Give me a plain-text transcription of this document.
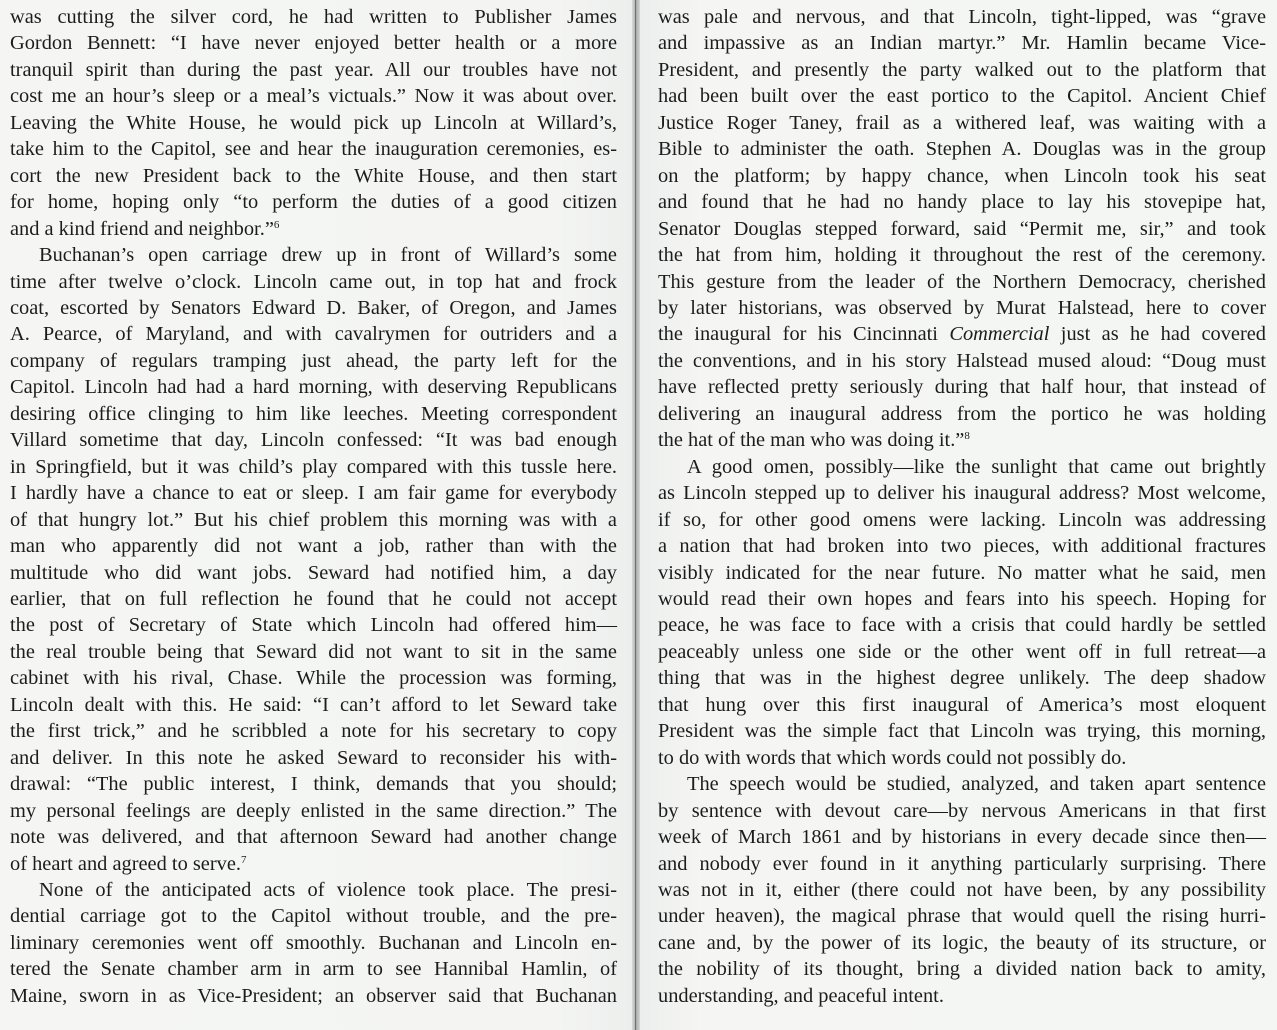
was cutting the silver cord, he had written to Publisher James
Gordon Bennett: “I have never enjoyed better health or a more
tranquil spirit than during the past year. All our troubles have not
cost me an hour’s sleep or a meal’s victuals.” Now it was about over.
Leaving the White House, he would pick up Lincoln at Willard’s,
take him to the Capitol, see and hear the inauguration ceremonies, es-
cort the new President back to the White House, and then start
for home, hoping only “to perform the duties of a good citizen
and a kind friend and neighbor.”$^6$
Buchanan’s open carriage drew up in front of Willard’s some
time after twelve o’clock. Lincoln came out, in top hat and frock
coat, escorted by Senators Edward D. Baker, of Oregon, and James
A. Pearce, of Maryland, and with cavalrymen for outriders and a
company of regulars tramping just ahead, the party left for the
Capitol. Lincoln had had a hard morning, with deserving Republicans
desiring office clinging to him like leeches. Meeting correspondent
Villard sometime that day, Lincoln confessed: “It was bad enough
in Springfield, but it was child’s play compared with this tussle here.
I hardly have a chance to eat or sleep. I am fair game for everybody
of that hungry lot.” But his chief problem this morning was with a
man who apparently did not want a job, rather than with the
multitude who did want jobs. Seward had notified him, a day
earlier, that on full reflection he found that he could not accept
the post of Secretary of State which Lincoln had offered him—
the real trouble being that Seward did not want to sit in the same
cabinet with his rival, Chase. While the procession was forming,
Lincoln dealt with this. He said: “I can’t afford to let Seward take
the first trick,” and he scribbled a note for his secretary to copy
and deliver. In this note he asked Seward to reconsider his with-
drawal: “The public interest, I think, demands that you should;
my personal feelings are deeply enlisted in the same direction.” The
note was delivered, and that afternoon Seward had another change
of heart and agreed to serve.$^7$
None of the anticipated acts of violence took place. The presi-
dential carriage got to the Capitol without trouble, and the pre-
liminary ceremonies went off smoothly. Buchanan and Lincoln en-
tered the Senate chamber arm in arm to see Hannibal Hamlin, of
Maine, sworn in as Vice-President; an observer said that Buchanan
was pale and nervous, and that Lincoln, tight-lipped, was “grave
and impassive as an Indian martyr.” Mr. Hamlin became Vice-
President, and presently the party walked out to the platform that
had been built over the east portico to the Capitol. Ancient Chief
Justice Roger Taney, frail as a withered leaf, was waiting with a
Bible to administer the oath. Stephen A. Douglas was in the group
on the platform; by happy chance, when Lincoln took his seat
and found that he had no handy place to lay his stovepipe hat,
Senator Douglas stepped forward, said “Permit me, sir,” and took
the hat from him, holding it throughout the rest of the ceremony.
This gesture from the leader of the Northern Democracy, cherished
by later historians, was observed by Murat Halstead, here to cover
the inaugural for his Cincinnati Commercial just as he had covered
the conventions, and in his story Halstead mused aloud: “Doug must
have reflected pretty seriously during that half hour, that instead of
delivering an inaugural address from the portico he was holding
the hat of the man who was doing it.”$^8$
A good omen, possibly—like the sunlight that came out brightly
as Lincoln stepped up to deliver his inaugural address? Most welcome,
if so, for other good omens were lacking. Lincoln was addressing
a nation that had broken into two pieces, with additional fractures
visibly indicated for the near future. No matter what he said, men
would read their own hopes and fears into his speech. Hoping for
peace, he was face to face with a crisis that could hardly be settled
peaceably unless one side or the other went off in full retreat—a
thing that was in the highest degree unlikely. The deep shadow
that hung over this first inaugural of America’s most eloquent
President was the simple fact that Lincoln was trying, this morning,
to do with words that which words could not possibly do.
The speech would be studied, analyzed, and taken apart sentence
by sentence with devout care—by nervous Americans in that first
week of March 1861 and by historians in every decade since then—
and nobody ever found in it anything particularly surprising. There
was not in it, either (there could not have been, by any possibility
under heaven), the magical phrase that would quell the rising hurri-
cane and, by the power of its logic, the beauty of its structure, or
the nobility of its thought, bring a divided nation back to amity,
understanding, and peaceful intent.
